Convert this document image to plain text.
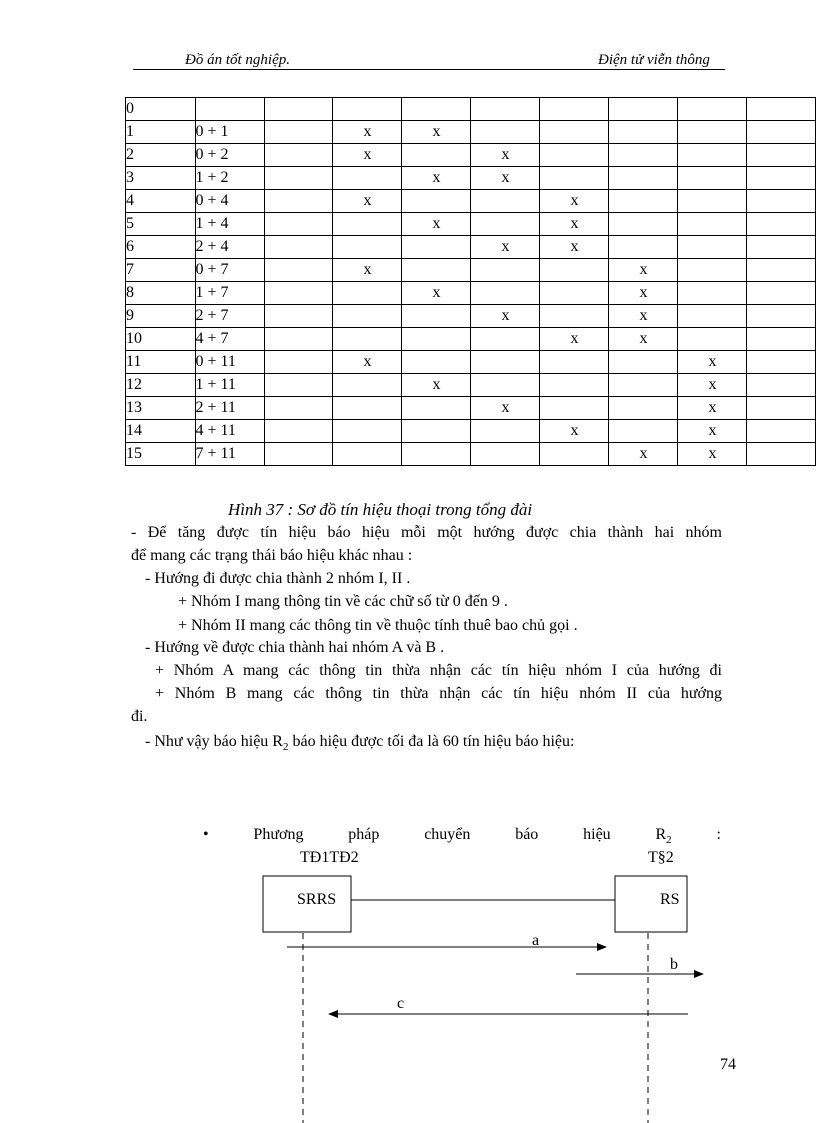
Đồ án tốt nghiệp.	Điện tử viễn thông
0									
1	0 + 1		x	x					
2	0 + 2		x		x				
3	1 + 2			x	x				
4	0 + 4		x			x			
5	1 + 4			x		x			
6	2 + 4				x	x			
7	0 + 7		x				x		
8	1 + 7			x			x		
9	2 + 7				x		x		
10	4 + 7					x	x		
11	0 + 11		x					x	
12	1 + 11			x				x	
13	2 + 11				x			x	
14	4 + 11					x		x	
15	7 + 11						x	x	
Hình 37 : Sơ đồ tín hiệu thoại trong tổng đài
- Để tăng được tín hiệu báo hiệu mỗi một hướng được chia thành hai nhóm
để mang các trạng thái báo hiệu khác nhau :
- Hướng đi được chia thành 2 nhóm I, II .
+ Nhóm I mang thông tin về các chữ số từ 0 đến 9 .
+ Nhóm II mang các thông tin về thuộc tính thuê bao chủ gọi .
- Hướng về được chia thành hai nhóm A và B .
+ Nhóm A mang các thông tin thừa nhận các tín hiệu nhóm I của hướng đi
+ Nhóm B mang các thông tin thừa nhận các tín hiệu nhóm II của hướng
đi.
- Như vậy báo hiệu $R_2$ báo hiệu được tối đa là 60 tín hiệu báo hiệu:
•	Phương	pháp	chuyển	báo	hiệu	$R_2$	:
TĐ1TĐ2	T§2
SRRS	RS
a
b
c
74
